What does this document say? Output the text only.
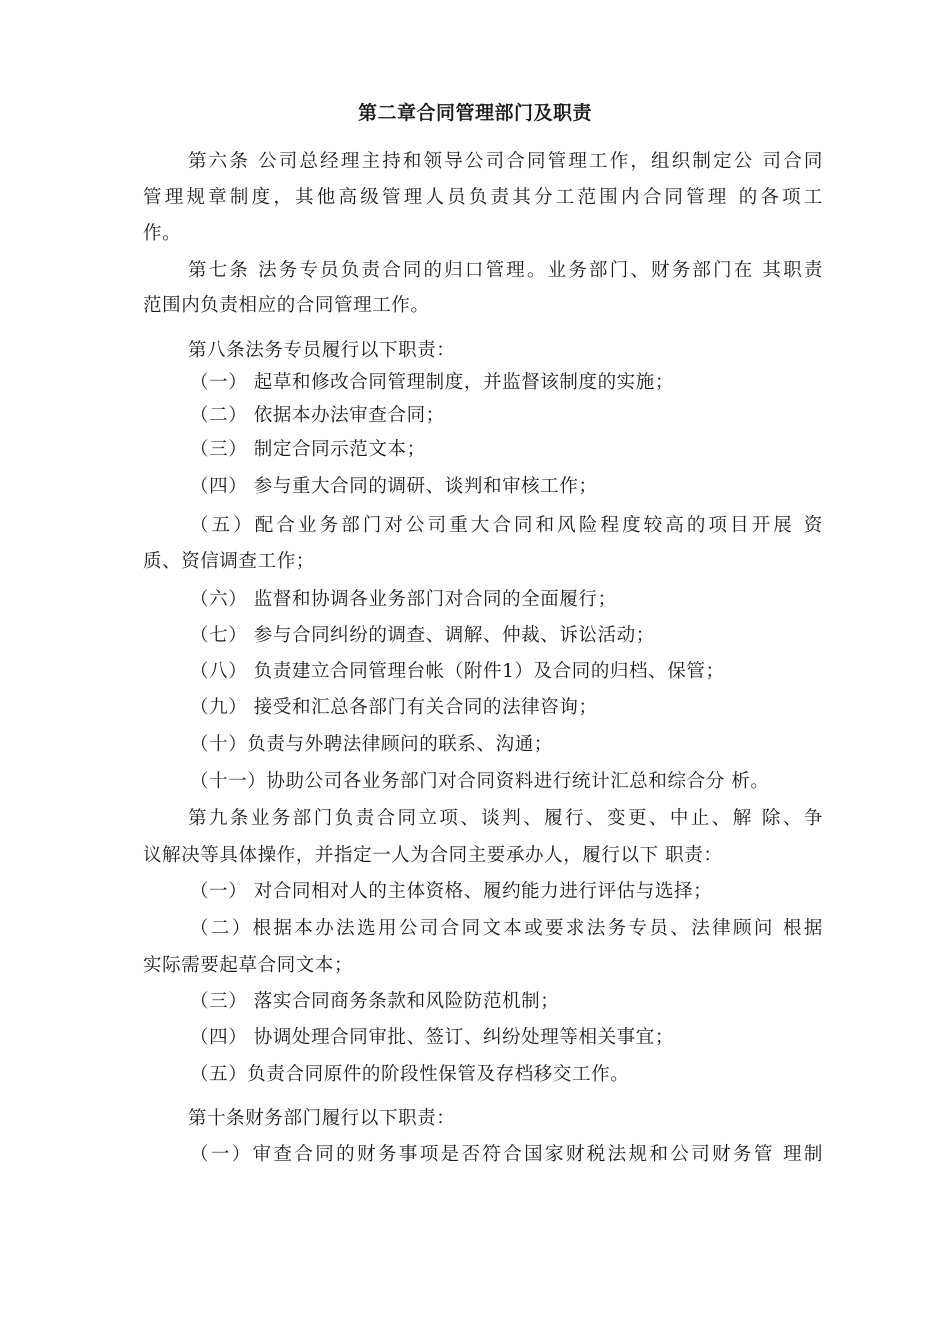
第二章合同管理部门及职责
第六条 公司总经理主持和领导公司合同管理工作，组织制定公 司合同
管理规章制度，其他高级管理人员负责其分工范围内合同管理 的各项工
作。
第七条 法务专员负责合同的归口管理。业务部门、财务部门在 其职责
范围内负责相应的合同管理工作。
第八条法务专员履行以下职责：
（一） 起草和修改合同管理制度，并监督该制度的实施；
（二） 依据本办法审查合同；
（三） 制定合同示范文本；
（四） 参与重大合同的调研、谈判和审核工作；
（五）配合业务部门对公司重大合同和风险程度较高的项目开展 资
质、资信调查工作；
（六） 监督和协调各业务部门对合同的全面履行；
（七） 参与合同纠纷的调查、调解、仲裁、诉讼活动；
（八） 负责建立合同管理台帐（附件1）及合同的归档、保管；
（九） 接受和汇总各部门有关合同的法律咨询；
（十）负责与外聘法律顾问的联系、沟通；
（十一）协助公司各业务部门对合同资料进行统计汇总和综合分 析。
第九条业务部门负责合同立项、谈判、履行、变更、中止、解 除、争
议解决等具体操作，并指定一人为合同主要承办人，履行以下 职责：
（一） 对合同相对人的主体资格、履约能力进行评估与选择；
（二）根据本办法选用公司合同文本或要求法务专员、法律顾问 根据
实际需要起草合同文本；
（三） 落实合同商务条款和风险防范机制；
（四） 协调处理合同审批、签订、纠纷处理等相关事宜；
（五）负责合同原件的阶段性保管及存档移交工作。
第十条财务部门履行以下职责：
（一）审查合同的财务事项是否符合国家财税法规和公司财务管 理制
